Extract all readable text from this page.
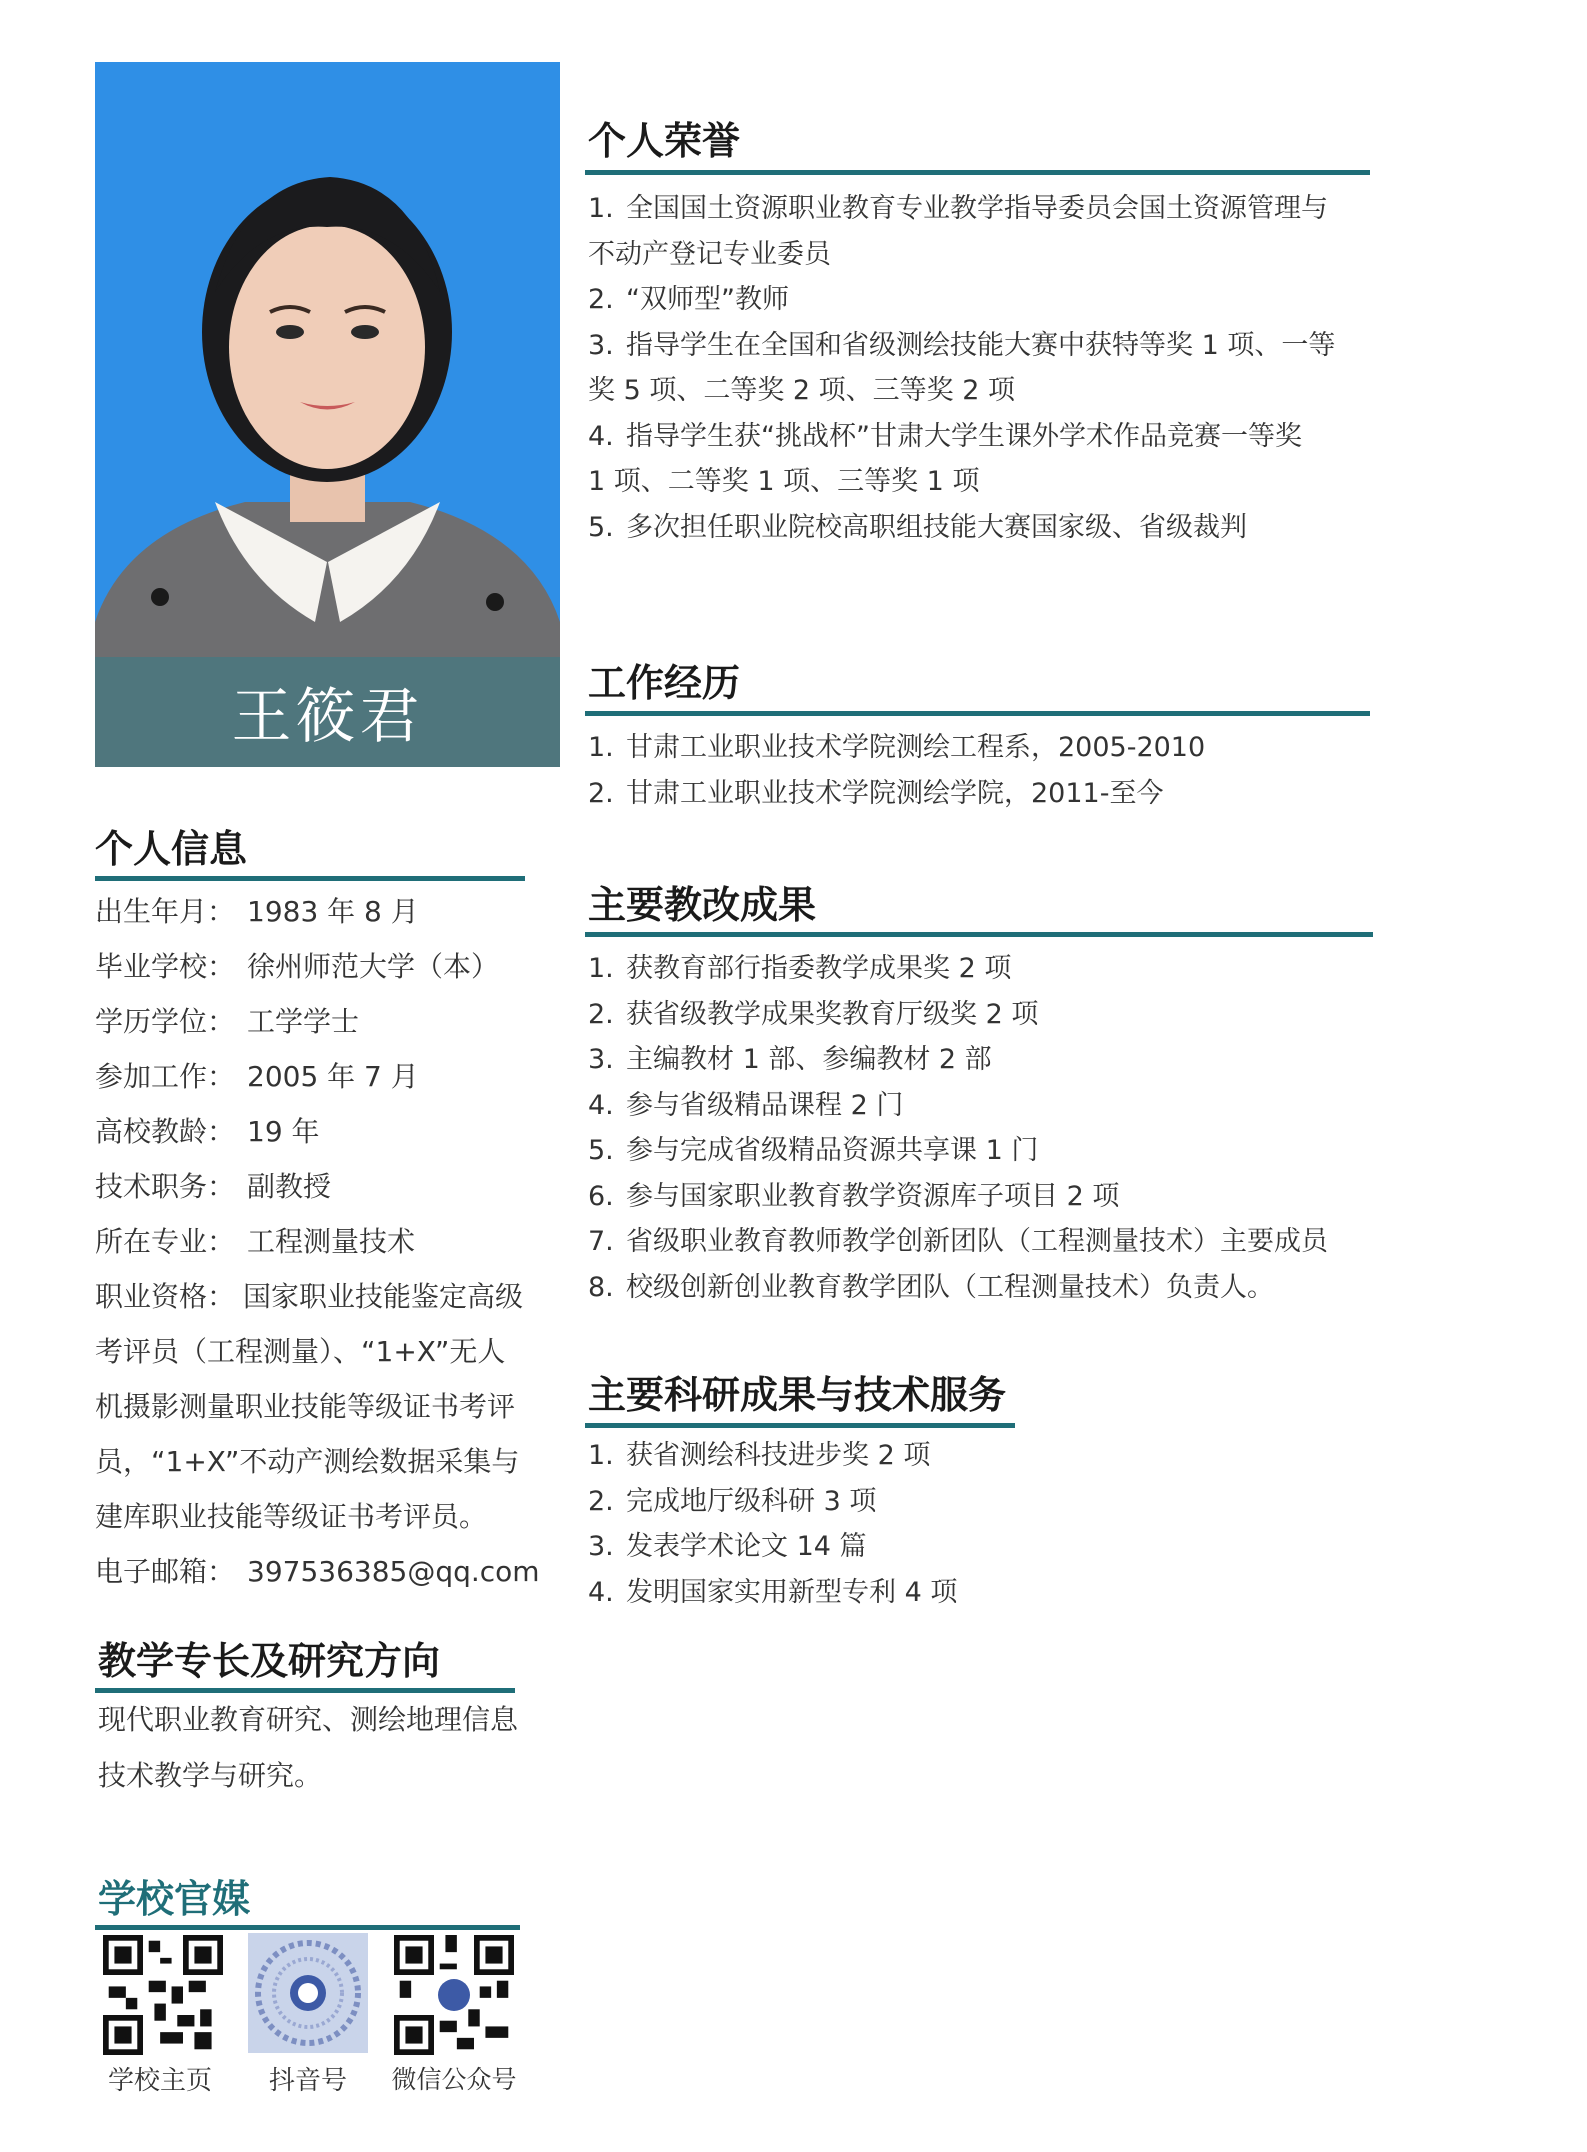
王筱君
个人信息
出生年月： 1983 年 8 月
毕业学校： 徐州师范大学（本）
学历学位： 工学学士
参加工作： 2005 年 7 月
高校教龄： 19 年
技术职务： 副教授
所在专业： 工程测量技术
职业资格： 国家职业技能鉴定高级
考评员（工程测量）、“1+X”无人
机摄影测量职业技能等级证书考评
员，“1+X”不动产测绘数据采集与
建库职业技能等级证书考评员。
电子邮箱： 397536385@qq.com
教学专长及研究方向
现代职业教育研究、测绘地理信息
技术教学与研究。
学校官媒
学校主页	抖音号	微信公众号
个人荣誉
1. 全国国土资源职业教育专业教学指导委员会国土资源管理与
不动产登记专业委员
2. “双师型”教师
3. 指导学生在全国和省级测绘技能大赛中获特等奖 1 项、一等
奖 5 项、二等奖 2 项、三等奖 2 项
4. 指导学生获“挑战杯”甘肃大学生课外学术作品竞赛一等奖
1 项、二等奖 1 项、三等奖 1 项
5. 多次担任职业院校高职组技能大赛国家级、省级裁判
工作经历
1. 甘肃工业职业技术学院测绘工程系，2005-2010
2. 甘肃工业职业技术学院测绘学院，2011-至今
主要教改成果
1. 获教育部行指委教学成果奖 2 项
2. 获省级教学成果奖教育厅级奖 2 项
3. 主编教材 1 部、参编教材 2 部
4. 参与省级精品课程 2 门
5. 参与完成省级精品资源共享课 1 门
6. 参与国家职业教育教学资源库子项目 2 项
7. 省级职业教育教师教学创新团队（工程测量技术）主要成员
8. 校级创新创业教育教学团队（工程测量技术）负责人。
主要科研成果与技术服务
1. 获省测绘科技进步奖 2 项
2. 完成地厅级科研 3 项
3. 发表学术论文 14 篇
4. 发明国家实用新型专利 4 项
